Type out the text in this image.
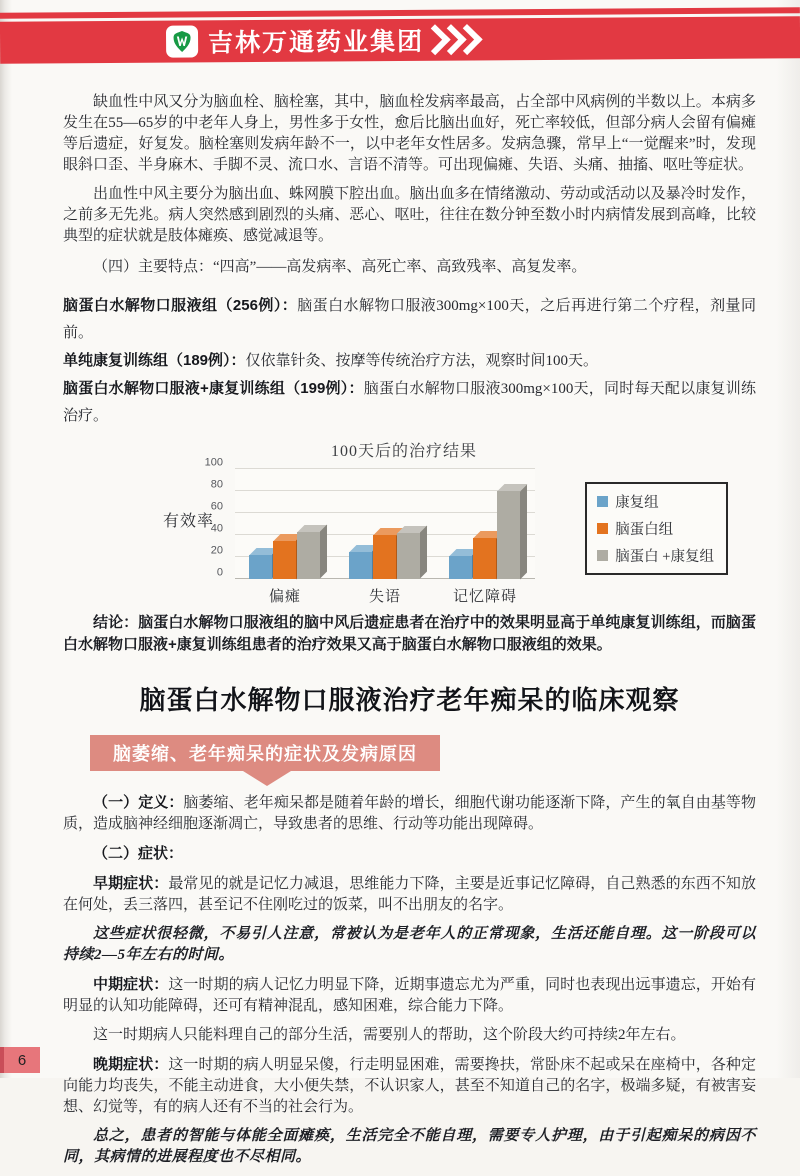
吉林万通药业集团

缺血性中风又分为脑血栓、脑栓塞，其中，脑血栓发病率最高，占全部中风病例的半数以上。本病多发生在55—65岁的中老年人身上，男性多于女性，愈后比脑出血好，死亡率较低，但部分病人会留有偏瘫等后遗症，好复发。脑栓塞则发病年龄不一，以中老年女性居多。发病急骤，常早上“一觉醒来”时，发现眼斜口歪、半身麻木、手脚不灵、流口水、言语不清等。可出现偏瘫、失语、头痛、抽搐、呕吐等症状。

出血性中风主要分为脑出血、蛛网膜下腔出血。脑出血多在情绪激动、劳动或活动以及暴冷时发作，之前多无先兆。病人突然感到剧烈的头痛、恶心、呕吐，往往在数分钟至数小时内病情发展到高峰，比较典型的症状就是肢体瘫痪、感觉减退等。

（四）主要特点：“四高”——高发病率、高死亡率、高致残率、高复发率。

脑蛋白水解物口服液组（256例）：脑蛋白水解物口服液300mg×100天，之后再进行第二个疗程，剂量同前。

单纯康复训练组（189例）：仅依靠针灸、按摩等传统治疗方法，观察时间100天。

脑蛋白水解物口服液+康复训练组（199例）：脑蛋白水解物口服液300mg×100天，同时每天配以康复训练治疗。

100天后的治疗结果
有效率
0
20
40
60
80
100
偏瘫	失语	记忆障碍
康复组
脑蛋白组
脑蛋白 +康复组

结论：脑蛋白水解物口服液组的脑中风后遗症患者在治疗中的效果明显高于单纯康复训练组，而脑蛋白水解物口服液+康复训练组患者的治疗效果又高于脑蛋白水解物口服液组的效果。

脑蛋白水解物口服液治疗老年痴呆的临床观察
脑萎缩、老年痴呆的症状及发病原因

（一）定义：脑萎缩、老年痴呆都是随着年龄的增长，细胞代谢功能逐渐下降，产生的氧自由基等物质，造成脑神经细胞逐渐凋亡，导致患者的思维、行动等功能出现障碍。

（二）症状：

早期症状：最常见的就是记忆力减退，思维能力下降，主要是近事记忆障碍，自己熟悉的东西不知放在何处，丢三落四，甚至记不住刚吃过的饭菜，叫不出朋友的名字。

这些症状很轻微，不易引人注意，常被认为是老年人的正常现象，生活还能自理。这一阶段可以持续2—5年左右的时间。

中期症状：这一时期的病人记忆力明显下降，近期事遗忘尤为严重，同时也表现出远事遗忘，开始有明显的认知功能障碍，还可有精神混乱，感知困难，综合能力下降。

这一时期病人只能料理自己的部分生活，需要别人的帮助，这个阶段大约可持续2年左右。

晚期症状：这一时期的病人明显呆傻，行走明显困难，需要搀扶，常卧床不起或呆在座椅中，各种定向能力均丧失，不能主动进食，大小便失禁，不认识家人，甚至不知道自己的名字，极端多疑，有被害妄想、幻觉等，有的病人还有不当的社会行为。

总之，患者的智能与体能全面瘫痪，生活完全不能自理，需要专人护理，由于引起痴呆的病因不同，其病情的进展程度也不尽相同。

6
